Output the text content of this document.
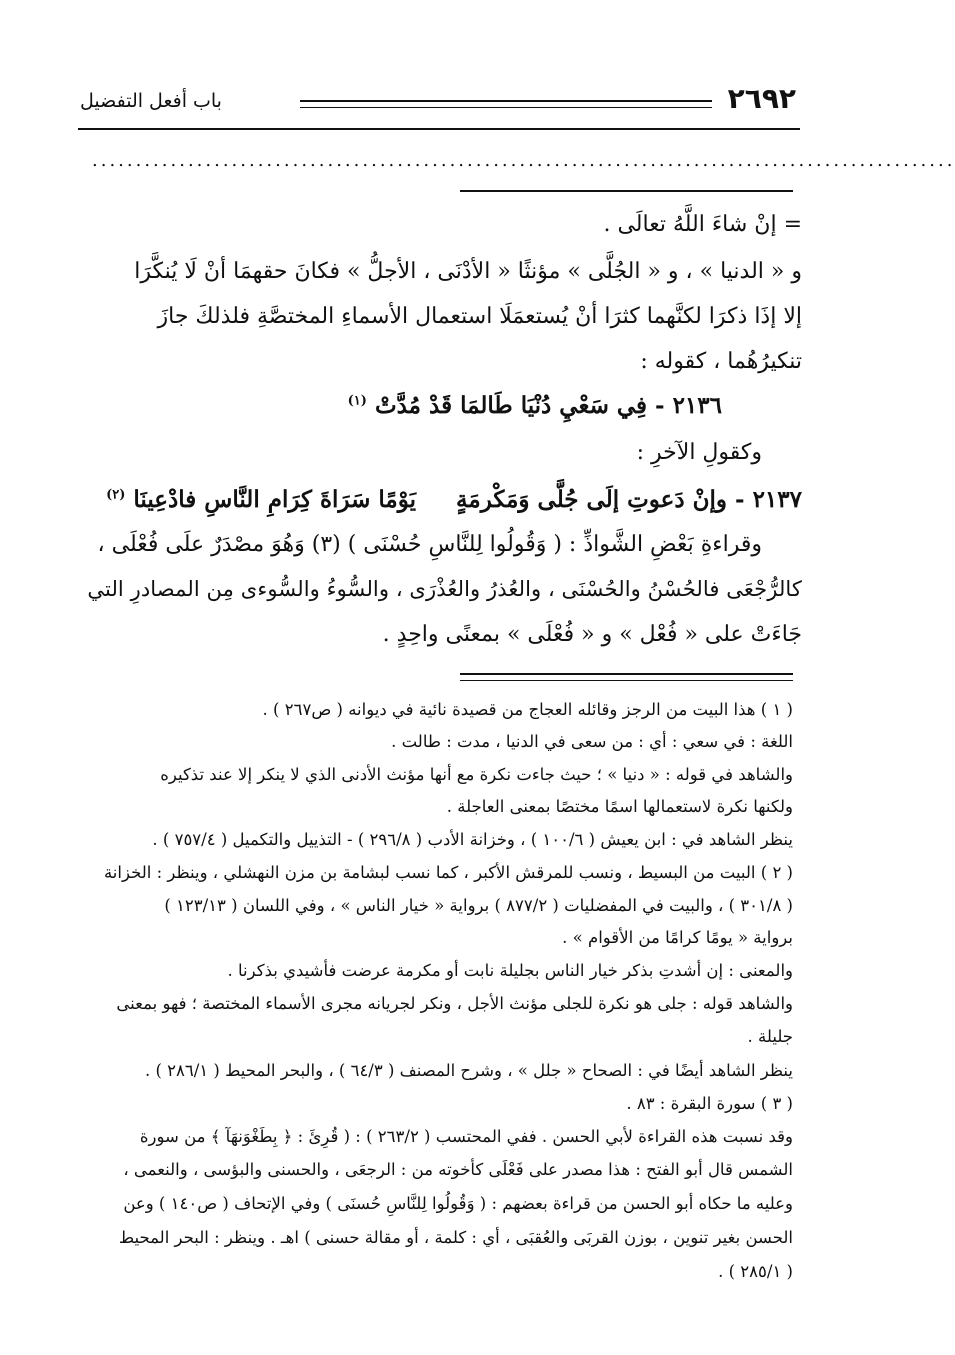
٢٦٩٢
باب أفعل التفضيل
...................................................................................................
= إنْ شاءَ اللَّهُ تعالَى .
و « الدنيا » ، و « الجُلَّى » مؤنثًا « الأدْنَى ، الأجلُّ » فكانَ حقهمَا أنْ لَا يُنكَّرَا
إلا إذَا ذكرَا لكنَّهما كثرَا أنْ يُستعمَلَا استعمال الأسماءِ المختصَّةِ فلذلكَ جازَ
تنكيرُهُما ، كقوله :
٢١٣٦ - فِي سَعْيِ دُنْيَا طَالمَا قَدْ مُدَّتْ $^{(١)}$
وكقولِ الآخرِ :
٢١٣٧ - وإنْ دَعوتِ إلَى جُلَّى وَمَكْرمَةٍ  يَوْمًا سَرَاةَ كِرَامِ النَّاسِ فادْعِينَا $^{(٢)}$
وقراءةِ بَعْضِ الشَّواذِّ : ( وَقُولُوا لِلنَّاسِ حُسْنَى ) (٣) وَهُوَ مصْدَرٌ علَى فُعْلَى ،
كالرُّجْعَى فالحُسْنُ والحُسْنَى ، والعُذرُ والعُذْرَى ، والسُّوءُ والسُّوءى مِن المصادرِ التي
جَاءَتْ على « فُعْل » و « فُعْلَى » بمعنًى واحِدٍ .
( ١ ) هذا البيت من الرجز وقائله العجاج من قصيدة نائية في ديوانه ( ص٢٦٧ ) .
اللغة : في سعي : أي : من سعى في الدنيا ، مدت : طالت .
والشاهد في قوله : « دنيا » ؛ حيث جاءت نكرة مع أنها مؤنث الأدنى الذي لا ينكر إلا عند تذكيره
ولكنها نكرة لاستعمالها اسمًا مختصًا بمعنى العاجلة .
ينظر الشاهد في : ابن يعيش ( ١٠٠/٦ ) ، وخزانة الأدب ( ٢٩٦/٨ ) - التذييل والتكميل ( ٧٥٧/٤ ) .
( ٢ ) البيت من البسيط ، ونسب للمرقش الأكبر ، كما نسب لبشامة بن مزن النهشلي ، وينظر : الخزانة
( ٣٠١/٨ ) ، والبيت في المفضليات ( ٨٧٧/٢ ) برواية « خيار الناس » ، وفي اللسان ( ١٢٣/١٣ )
برواية « يومًا كرامًا من الأقوام » .
والمعنى : إن أشدتِ بذكر خيار الناس بجليلة نابت أو مكرمة عرضت فأشيدي بذكرنا .
والشاهد قوله : جلى هو نكرة للجلى مؤنث الأجل ، ونكر لجريانه مجرى الأسماء المختصة ؛ فهو بمعنى
جليلة .
ينظر الشاهد أيضًا في : الصحاح « جلل » ، وشرح المصنف ( ٦٤/٣ ) ، والبحر المحيط ( ٢٨٦/١ ) .
( ٣ ) سورة البقرة : ٨٣ .
وقد نسبت هذه القراءة لأبي الحسن . ففي المحتسب ( ٢٦٣/٢ ) : ( قُرِئَ : ﴿ بِطَغْوَنهَآ ﴾ من سورة
الشمس قال أبو الفتح : هذا مصدر على فَعْلَى كأخوته من : الرجعَى ، والحسنى والبؤسى ، والنعمى ،
وعليه ما حكاه أبو الحسن من قراءة بعضهم : ( وَقُولُوا لِلنَّاسِ حُسنَى ) وفي الإتحاف ( ص١٤٠ ) وعن
الحسن بغير تنوين ، بوزن القربَى والعُقبَى ، أي : كلمة ، أو مقالة حسنى ) اهـ . وينظر : البحر المحيط
( ٢٨٥/١ ) .
